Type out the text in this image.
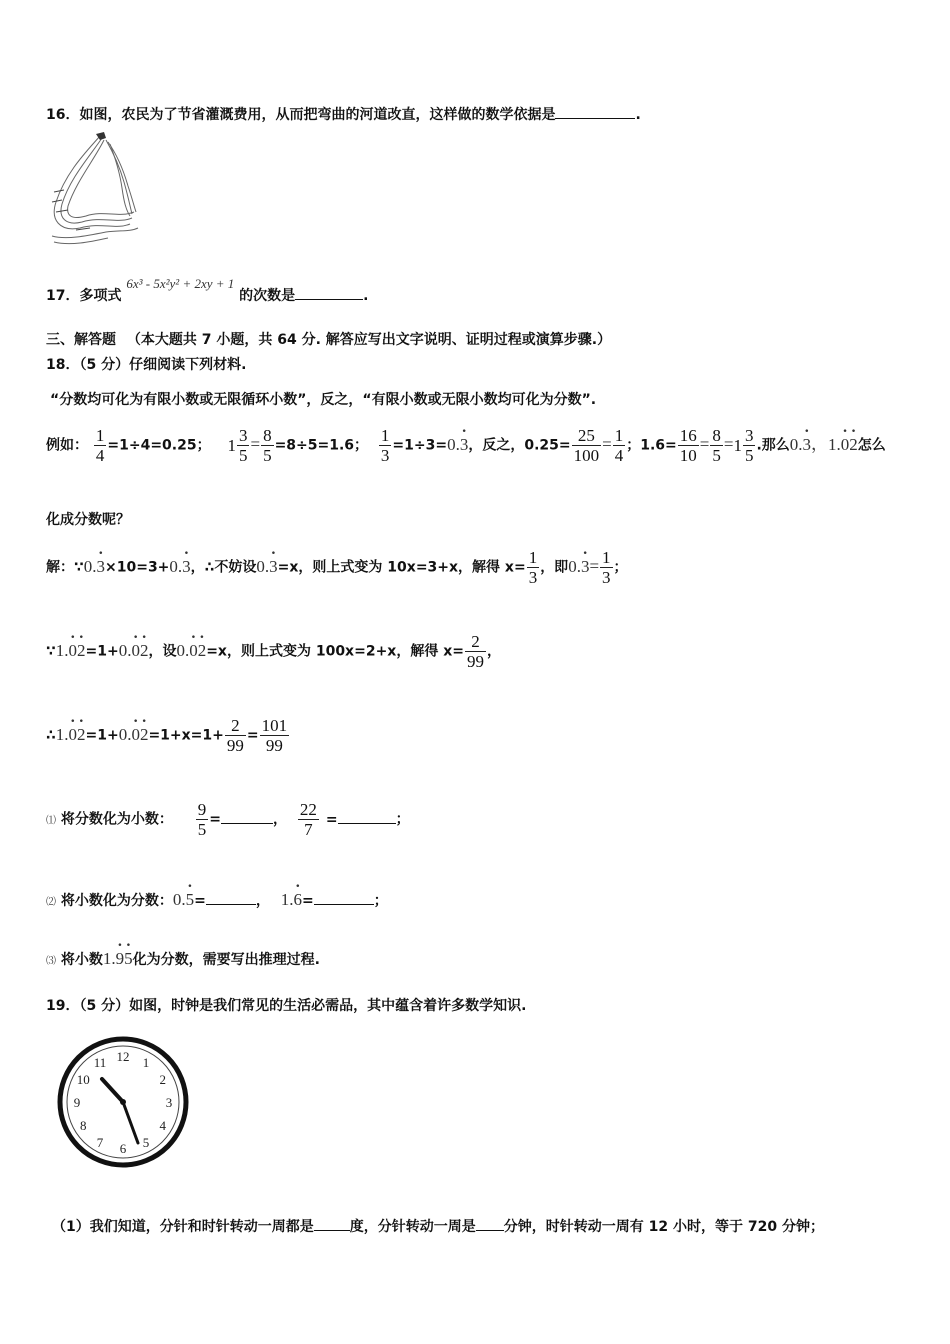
16．如图，农民为了节省灌溉费用，从而把弯曲的河道改直，这样做的数学依据是	.
17．多项式 6x³ - 5x²y² + 2xy + 1 的次数是	.
三、解答题 （本大题共 7 小题，共 64 分. 解答应写出文字说明、证明过程或演算步骤.）
18．（5 分）仔细阅读下列材料.
“分数均可化为有限小数或无限循环小数”，反之，“有限小数或无限小数均可化为分数”.
例如： $\frac{1}{4} =1\div 4=0.25$； $1 \frac{3}{5} = \frac{8}{5} =8\div 5=1.6$； $\frac{1}{3} =1\div 3=0.\cdot 3$，反之，$0.25= \frac{25}{100} = \frac{1}{4}$ ；$1.6= \frac{16}{10} = \frac{8}{5} =1 \frac{3}{5}$ .那么0.· 3，1.· 0· 2怎么
化成分数呢？
解：∵0.· 3×10=3+0.· 3，∴不妨设0.· 3=x，则上式变为 10x=3+x，解得 $x= \frac{1}{3}$ ，即$0.\cdot 3= \frac{1}{3}$ ；
∵1.· 0· 2=1+0.· 0· 2，设0.· 0· 2=x，则上式变为 100x=2+x，解得 $x= \frac{2}{99}$ ，
∴1.· $0\cdot 2=1+0.\cdot 0\cdot 2=1+x=1+ \frac{2}{99} = \frac{101}{99}$
⑴ 将分数化为小数： $\frac{9}{5}$ =	， $\frac{22}{7}$ =	；
⑵ 将小数化为分数：0.· 5=	， 1.· 6=	；
⑶ 将小数1.· 9· 5化为分数，需要写出推理过程.
19．（5 分）如图，时钟是我们常见的生活必需品，其中蕴含着许多数学知识.
12 1
2
3
4
5
6
7
8
9
10
11
（1）我们知道，分针和时针转动一周都是	度，分针转动一周是 分钟，时针转动一周有 12 小时，等于 720 分钟；
